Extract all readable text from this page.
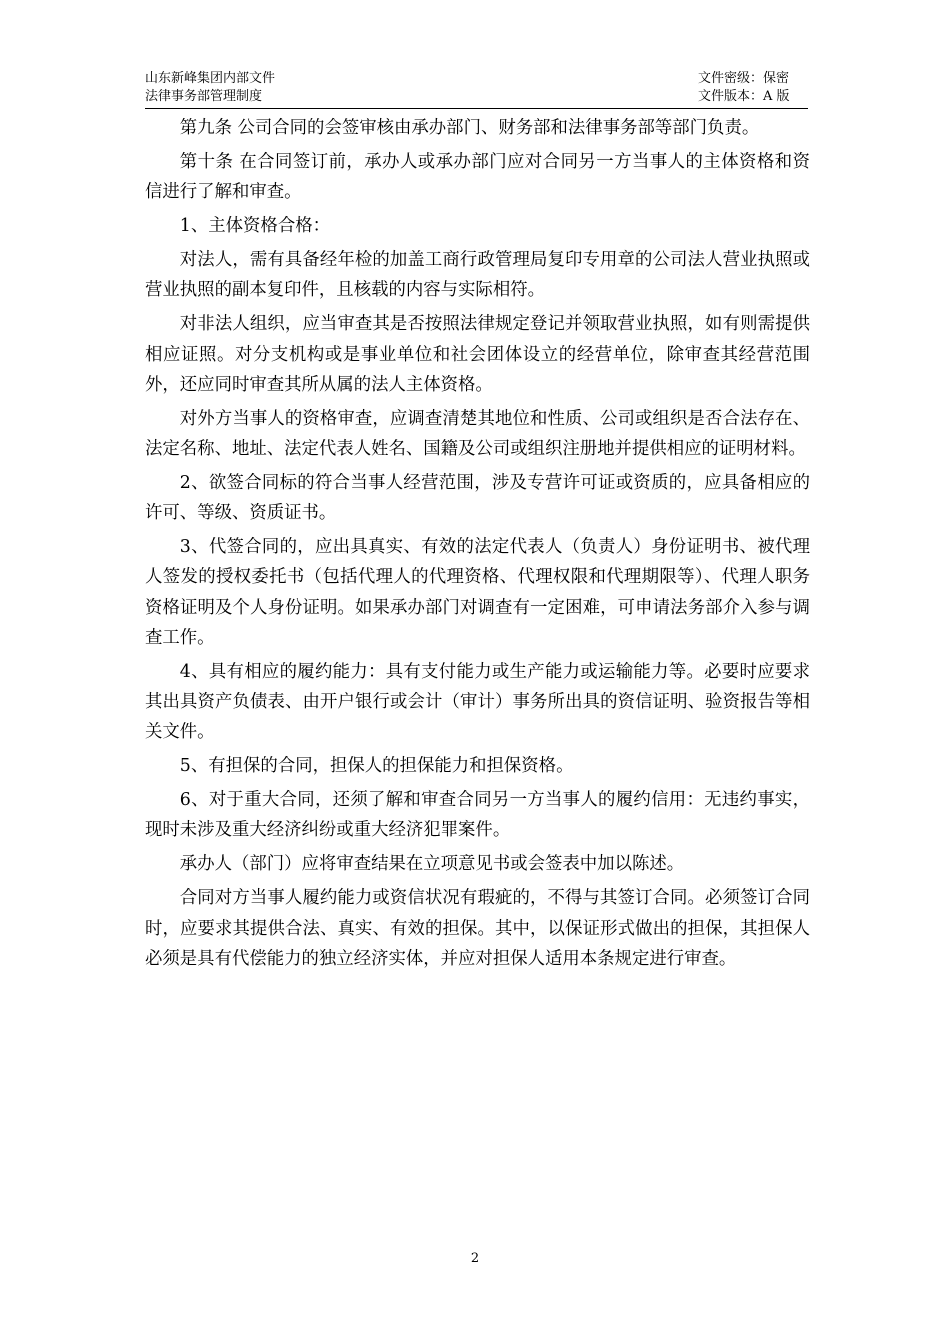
山东新峰集团内部文件
法律事务部管理制度
文件密级：保密
文件版本：A 版

第九条 公司合同的会签审核由承办部门、财务部和法律事务部等部门负责。

第十条 在合同签订前，承办人或承办部门应对合同另一方当事人的主体资格和资信进行了解和审查。

1、主体资格合格：

对法人，需有具备经年检的加盖工商行政管理局复印专用章的公司法人营业执照或营业执照的副本复印件，且核载的内容与实际相符。

对非法人组织，应当审查其是否按照法律规定登记并领取营业执照，如有则需提供相应证照。对分支机构或是事业单位和社会团体设立的经营单位，除审查其经营范围外，还应同时审查其所从属的法人主体资格。

对外方当事人的资格审查，应调查清楚其地位和性质、公司或组织是否合法存在、法定名称、地址、法定代表人姓名、国籍及公司或组织注册地并提供相应的证明材料。

2、欲签合同标的符合当事人经营范围，涉及专营许可证或资质的，应具备相应的许可、等级、资质证书。

3、代签合同的，应出具真实、有效的法定代表人（负责人）身份证明书、被代理人签发的授权委托书（包括代理人的代理资格、代理权限和代理期限等）、代理人职务资格证明及个人身份证明。如果承办部门对调查有一定困难，可申请法务部介入参与调查工作。

4、具有相应的履约能力：具有支付能力或生产能力或运输能力等。必要时应要求其出具资产负债表、由开户银行或会计（审计）事务所出具的资信证明、验资报告等相关文件。

5、有担保的合同，担保人的担保能力和担保资格。

6、对于重大合同，还须了解和审查合同另一方当事人的履约信用：无违约事实，现时未涉及重大经济纠纷或重大经济犯罪案件。

承办人（部门）应将审查结果在立项意见书或会签表中加以陈述。

合同对方当事人履约能力或资信状况有瑕疵的，不得与其签订合同。必须签订合同时，应要求其提供合法、真实、有效的担保。其中，以保证形式做出的担保，其担保人必须是具有代偿能力的独立经济实体，并应对担保人适用本条规定进行审查。

2
